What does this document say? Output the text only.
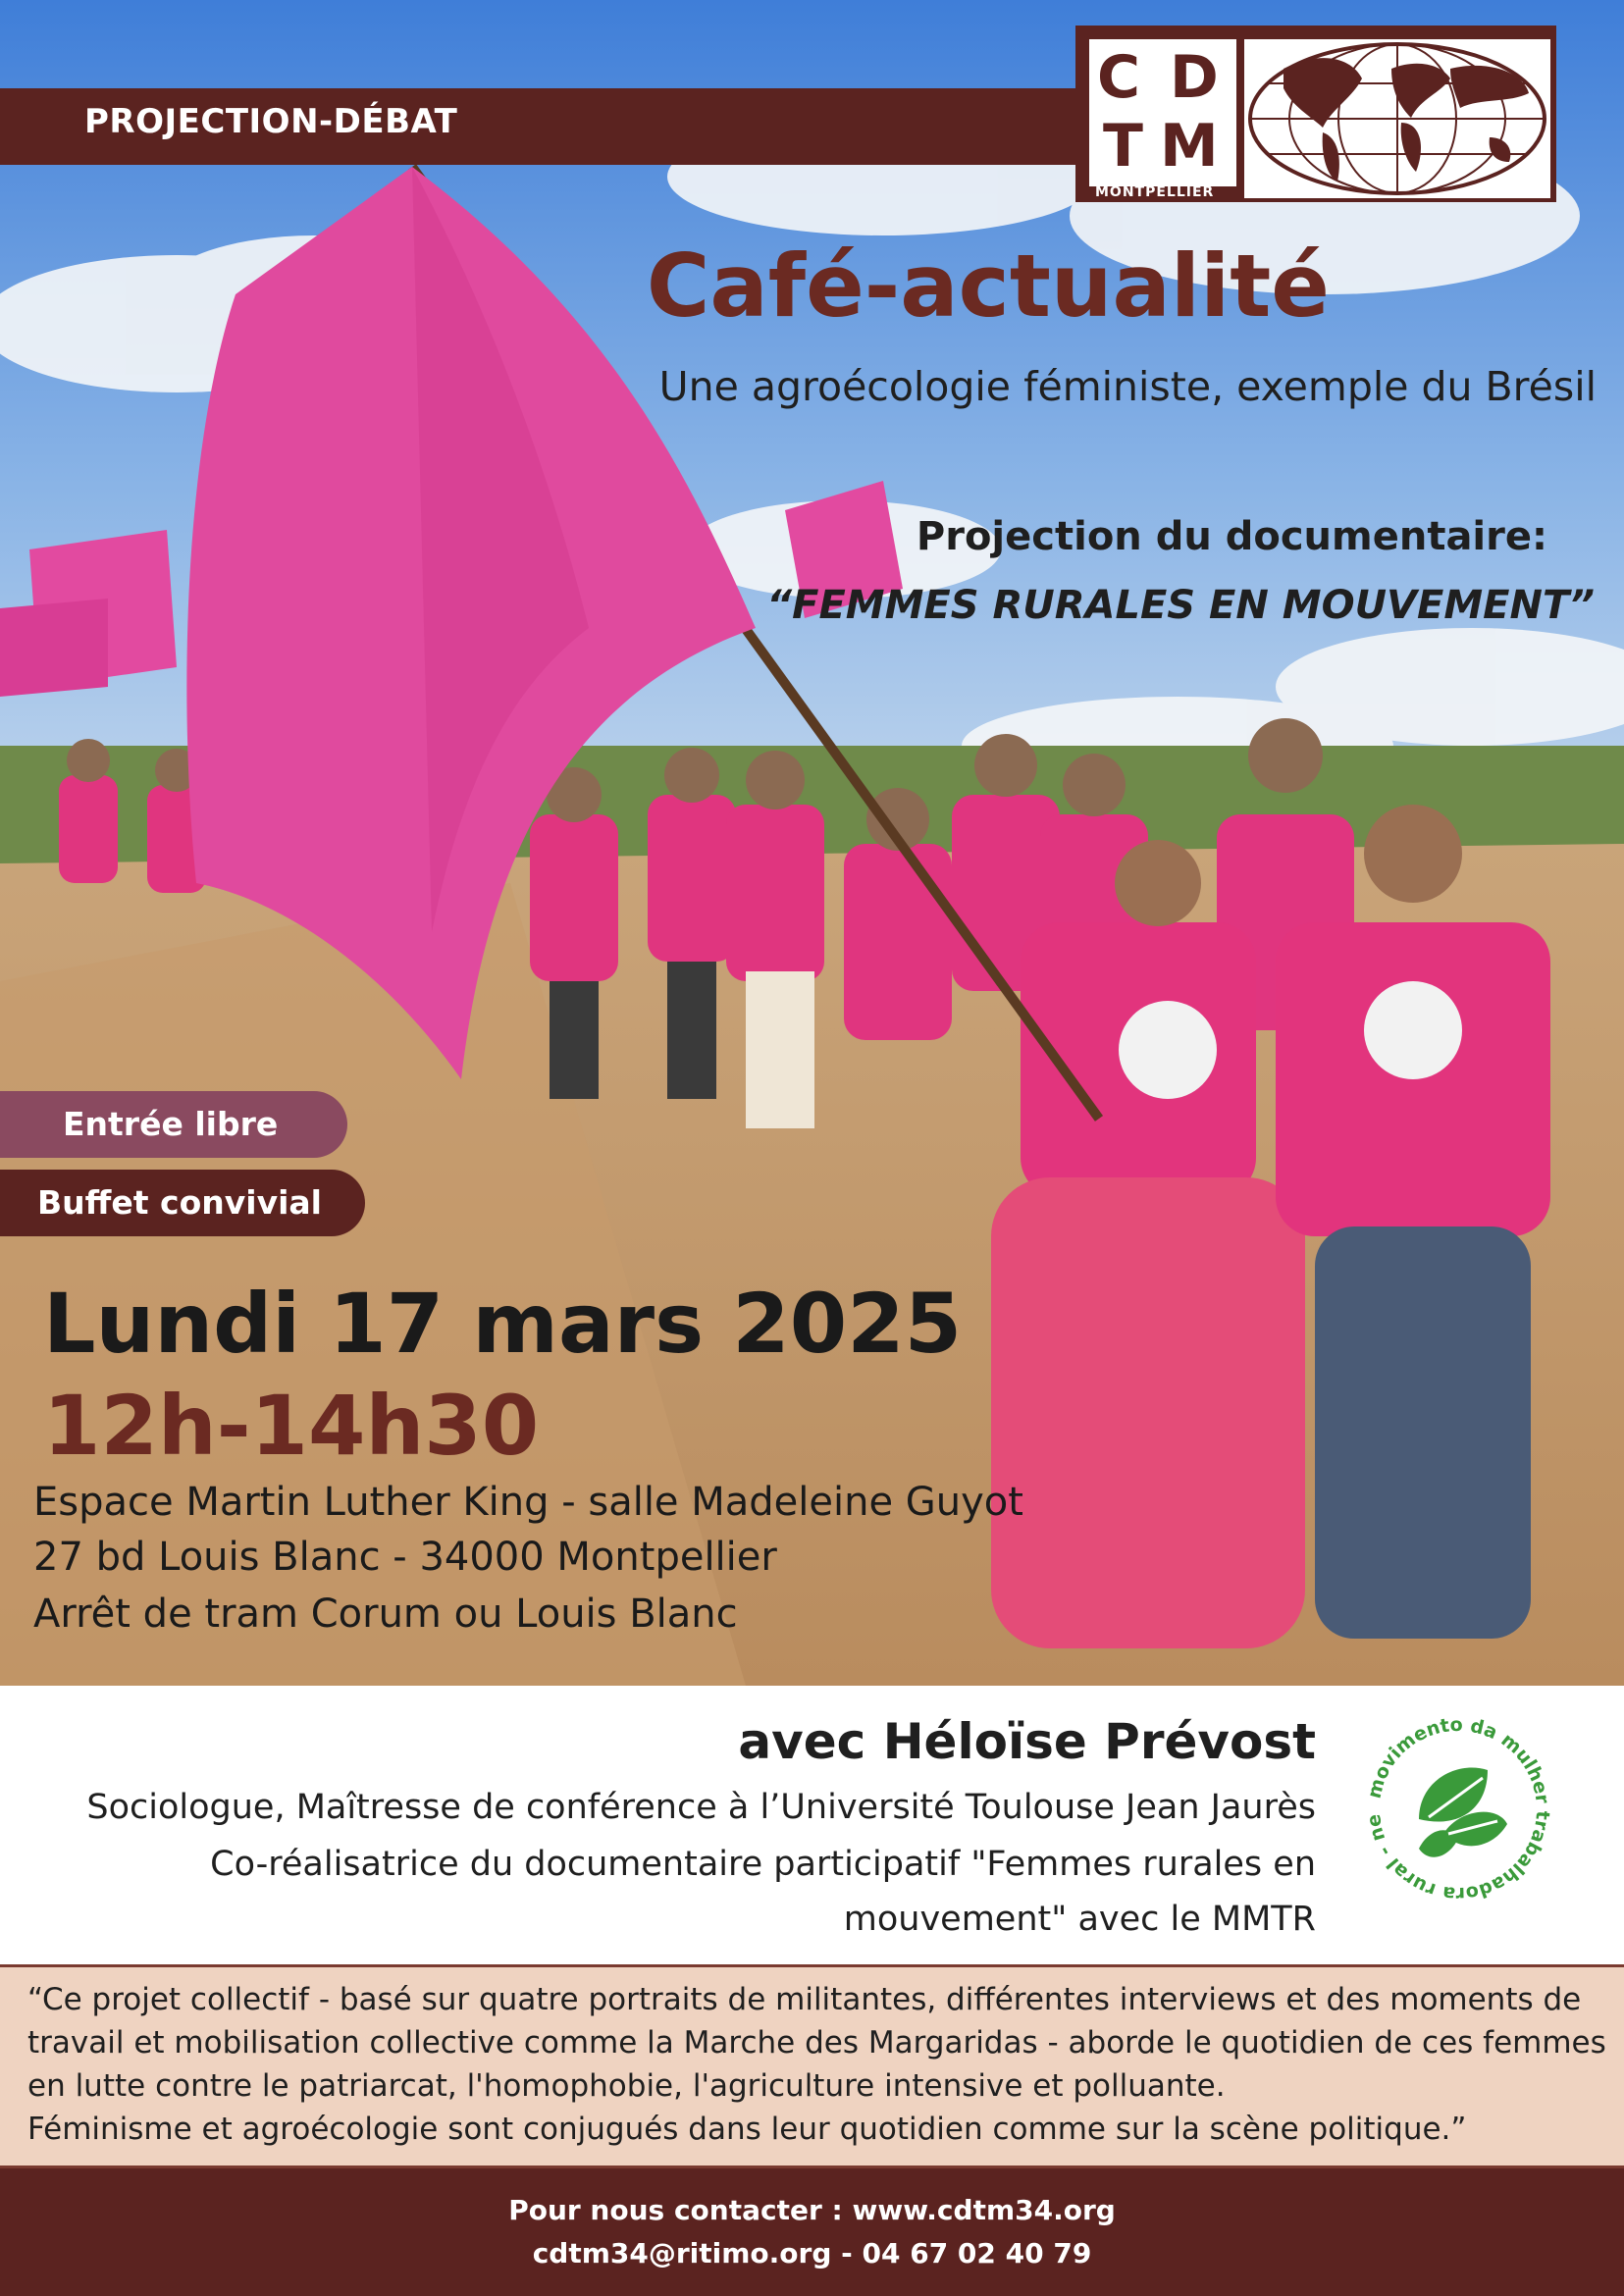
PROJECTION-DÉBAT
C D
T M
MONTPELLIER
Café-actualité
Une agroécologie féministe, exemple du Brésil
Projection du documentaire:
“FEMMES RURALES EN MOUVEMENT”
Entrée libre
Buffet convivial
Lundi 17 mars 2025
12h-14h30
Espace Martin Luther King - salle Madeleine Guyot
27 bd Louis Blanc - 34000 Montpellier
Arrêt de tram Corum ou Louis Blanc
avec Héloïse Prévost
Sociologue, Maîtresse de conférence à l’Université Toulouse Jean Jaurès
Co-réalisatrice du documentaire participatif "Femmes rurales en
mouvement" avec le MMTR
movimento da mulher trabalhadora rural - ne
“Ce projet collectif - basé sur quatre portraits de militantes, différentes interviews et des moments de
travail et mobilisation collective comme la Marche des Margaridas - aborde le quotidien de ces femmes
en lutte contre le patriarcat, l'homophobie, l'agriculture intensive et polluante.
Féminisme et agroécologie sont conjugués dans leur quotidien comme sur la scène politique.”
Pour nous contacter : www.cdtm34.org
cdtm34@ritimo.org - 04 67 02 40 79
